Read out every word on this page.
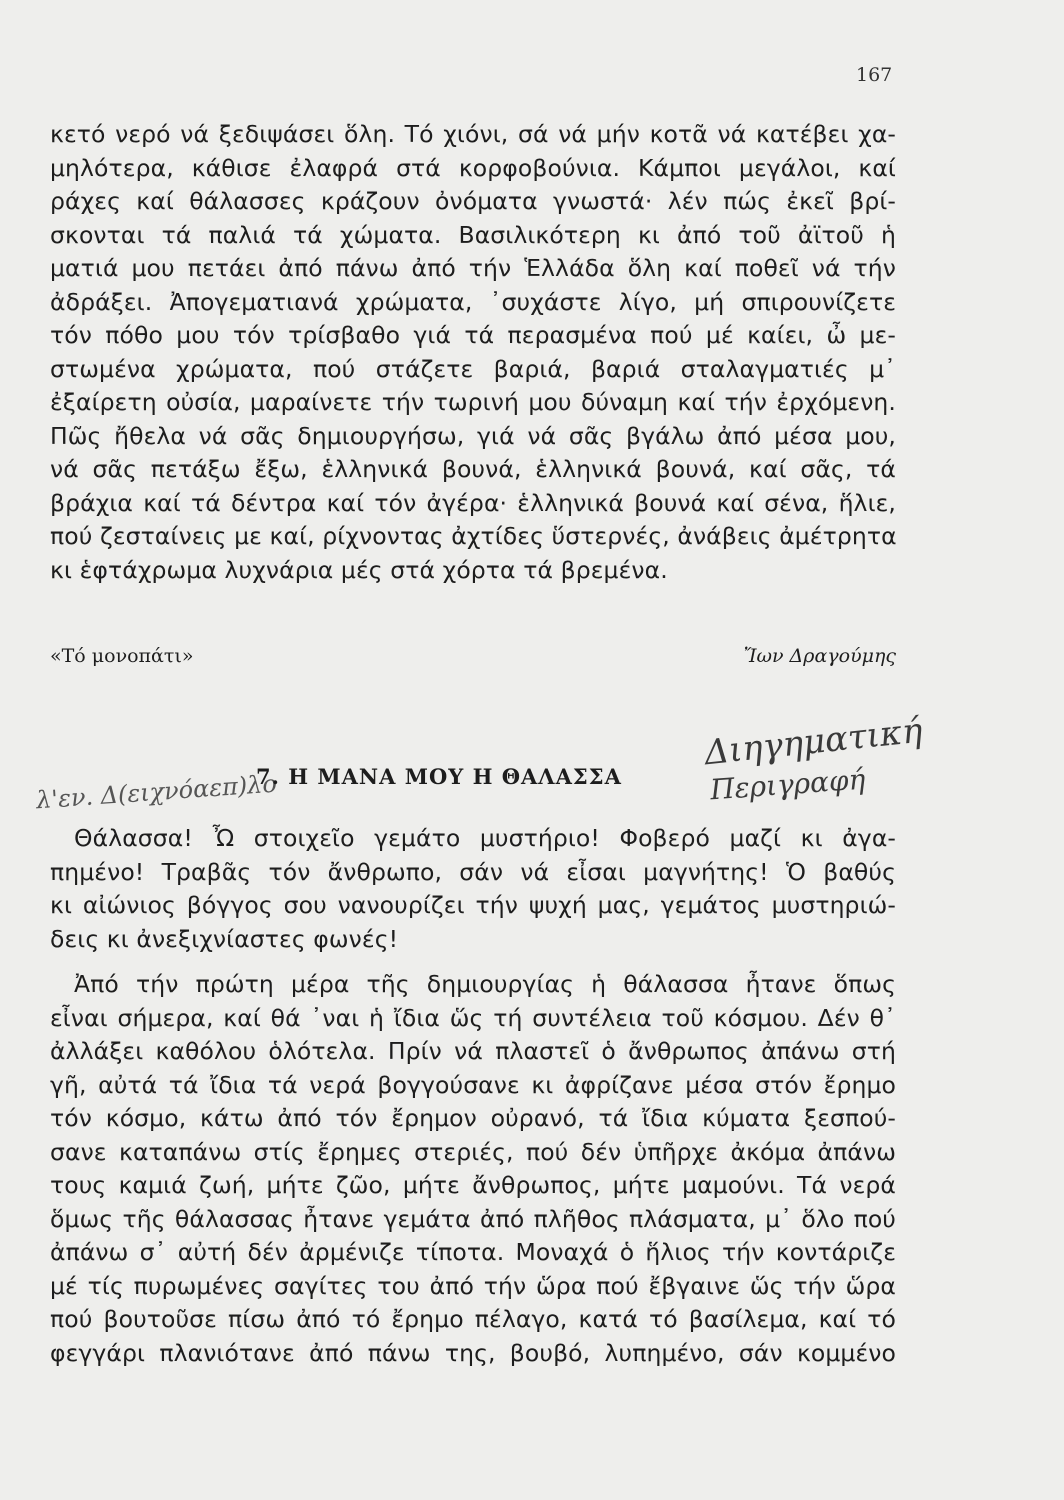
167
κετό νερό νά ξεδιψάσει ὅλη. Τό χιόνι, σά νά μήν κοτᾶ νά κατέβει χα-
μηλότερα, κάθισε ἐλαφρά στά κορφοβούνια. Κάμποι μεγάλοι, καί
ράχες καί θάλασσες κράζουν ὀνόματα γνωστά· λέν πώς ἐκεῖ βρί-
σκονται τά παλιά τά χώματα. Βασιλικότερη κι ἀπό τοῦ ἀϊτοῦ ἡ
ματιά μου πετάει ἀπό πάνω ἀπό τήν Ἑλλάδα ὅλη καί ποθεῖ νά τήν
ἀδράξει. Ἀπογεματιανά χρώματα, ᾿συχάστε λίγο, μή σπιρουνίζετε
τόν πόθο μου τόν τρίσβαθο γιά τά περασμένα πού μέ καίει, ὦ με-
στωμένα χρώματα, πού στάζετε βαριά, βαριά σταλαγματιές μ᾿
ἐξαίρετη οὐσία, μαραίνετε τήν τωρινή μου δύναμη καί τήν ἐρχόμενη.
Πῶς ἤθελα νά σᾶς δημιουργήσω, γιά νά σᾶς βγάλω ἀπό μέσα μου,
νά σᾶς πετάξω ἔξω, ἑλληνικά βουνά, ἑλληνικά βουνά, καί σᾶς, τά
βράχια καί τά δέντρα καί τόν ἀγέρα· ἑλληνικά βουνά καί σένα, ἥλιε,
πού ζεσταίνεις με καί, ρίχνοντας ἀχτίδες ὕστερνές, ἀνάβεις ἀμέτρητα
κι ἑφτάχρωμα λυχνάρια μές στά χόρτα τά βρεμένα.
«Τό μονοπάτι»	Ἴων Δραγούμης
λ'εν. Δ(ειχνόαεπ)λο
7. Η ΜΑΝΑ ΜΟΥ Η ΘΑΛΑΣΣΑ
Διηγηματική
Περιγραφή
Θάλασσα! Ὦ στοιχεῖο γεμάτο μυστήριο! Φοβερό μαζί κι ἀγα-
πημένο! Τραβᾶς τόν ἄνθρωπο, σάν νά εἶσαι μαγνήτης! Ὁ βαθύς
κι αἰώνιος βόγγος σου νανουρίζει τήν ψυχή μας, γεμάτος μυστηριώ-
δεις κι ἀνεξιχνίαστες φωνές!
Ἀπό τήν πρώτη μέρα τῆς δημιουργίας ἡ θάλασσα ἦτανε ὅπως
εἶναι σήμερα, καί θά ᾿ναι ἡ ἴδια ὥς τή συντέλεια τοῦ κόσμου. Δέν θ᾿
ἀλλάξει καθόλου ὁλότελα. Πρίν νά πλαστεῖ ὁ ἄνθρωπος ἀπάνω στή
γῆ, αὐτά τά ἴδια τά νερά βογγούσανε κι ἀφρίζανε μέσα στόν ἔρημο
τόν κόσμο, κάτω ἀπό τόν ἔρημον οὐρανό, τά ἴδια κύματα ξεσπού-
σανε καταπάνω στίς ἔρημες στεριές, πού δέν ὑπῆρχε ἀκόμα ἀπάνω
τους καμιά ζωή, μήτε ζῶο, μήτε ἄνθρωπος, μήτε μαμούνι. Τά νερά
ὅμως τῆς θάλασσας ἦτανε γεμάτα ἀπό πλῆθος πλάσματα, μ᾿ ὅλο πού
ἀπάνω σ᾿ αὐτή δέν ἀρμένιζε τίποτα. Μοναχά ὁ ἥλιος τήν κοντάριζε
μέ τίς πυρωμένες σαγίτες του ἀπό τήν ὥρα πού ἔβγαινε ὥς τήν ὥρα
πού βουτοῦσε πίσω ἀπό τό ἔρημο πέλαγο, κατά τό βασίλεμα, καί τό
φεγγάρι πλανιότανε ἀπό πάνω της, βουβό, λυπημένο, σάν κομμένο
